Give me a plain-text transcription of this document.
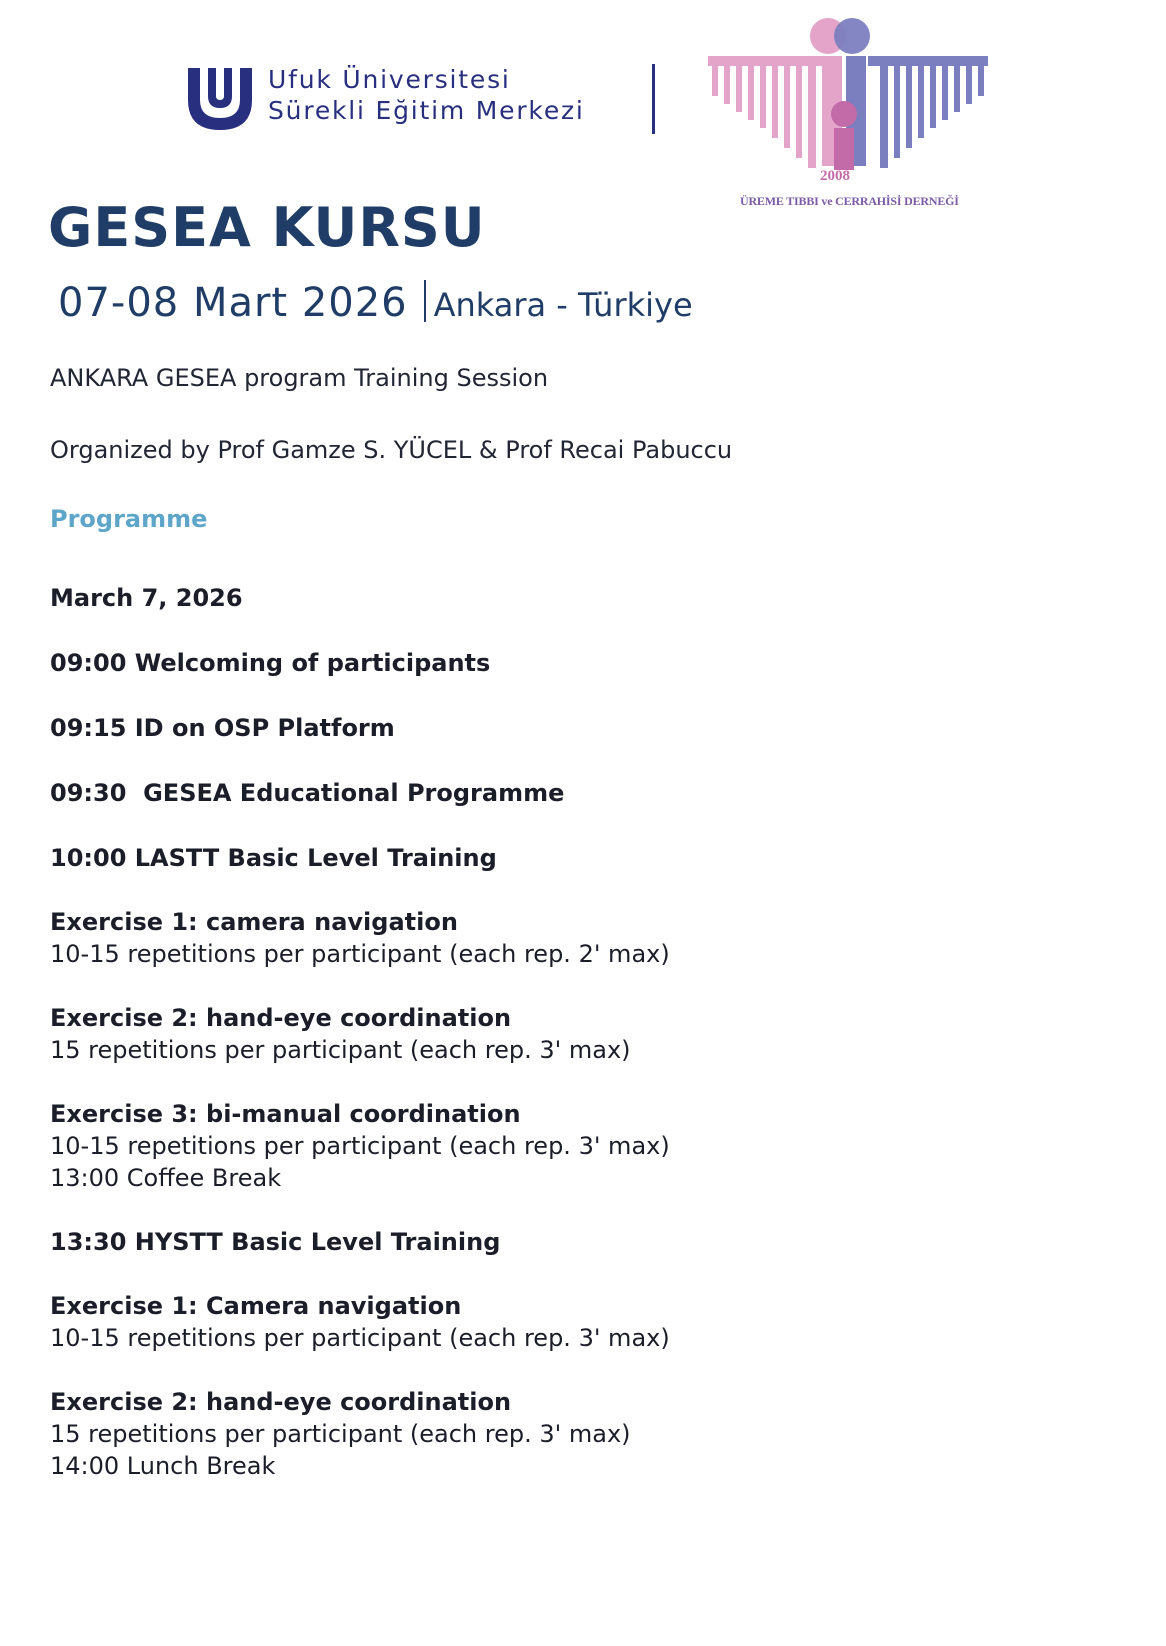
Ufuk Üniversitesi
Sürekli Eğitim Merkezi
2008
ÜREME TIBBI ve CERRAHİSİ DERNEĞİ
GESEA KURSU
07-08 Mart 2026 Ankara - Türkiye
ANKARA GESEA program Training Session
Organized by Prof Gamze S. YÜCEL & Prof Recai Pabuccu
Programme
March 7, 2026
09:00 Welcoming of participants
09:15 ID on OSP Platform
09:30  GESEA Educational Programme
10:00 LASTT Basic Level Training
Exercise 1: camera navigation
10-15 repetitions per participant (each rep. 2' max)
Exercise 2: hand-eye coordination
15 repetitions per participant (each rep. 3' max)
Exercise 3: bi-manual coordination
10-15 repetitions per participant (each rep. 3' max)
13:00 Coffee Break
13:30 HYSTT Basic Level Training
Exercise 1: Camera navigation
10-15 repetitions per participant (each rep. 3' max)
Exercise 2: hand-eye coordination
15 repetitions per participant (each rep. 3' max)
14:00 Lunch Break
